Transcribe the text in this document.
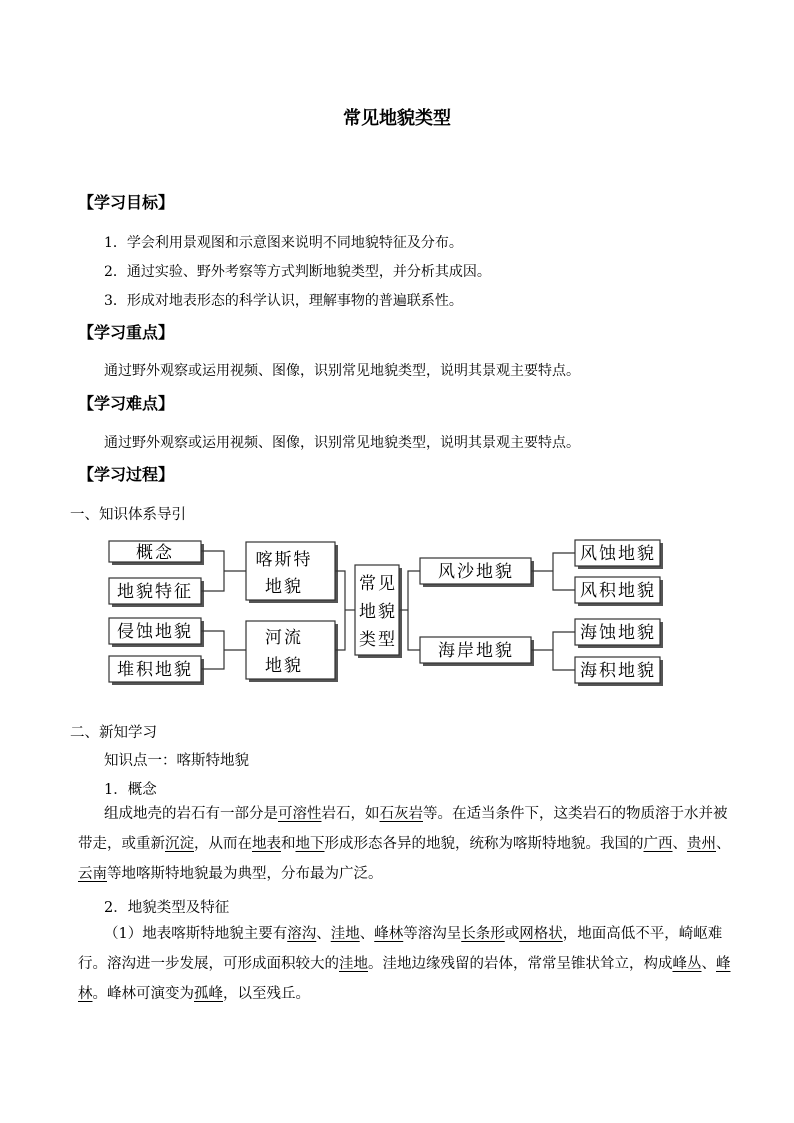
常见地貌类型
【学习目标】
1．学会利用景观图和示意图来说明不同地貌特征及分布。
2．通过实验、野外考察等方式判断地貌类型，并分析其成因。
3．形成对地表形态的科学认识，理解事物的普遍联系性。
【学习重点】
通过野外观察或运用视频、图像，识别常见地貌类型，说明其景观主要特点。
【学习难点】
通过野外观察或运用视频、图像，识别常见地貌类型，说明其景观主要特点。
【学习过程】
一、知识体系导引
概念
地貌特征
侵蚀地貌
堆积地貌
喀斯特
地貌
河流
地貌
常见
地貌
类型
风沙地貌
海岸地貌
风蚀地貌
风积地貌
海蚀地貌
海积地貌
二、新知学习
知识点一：喀斯特地貌
1．概念
组成地壳的岩石有一部分是可溶性岩石，如石灰岩等。在适当条件下，这类岩石的物质溶于水并被带走，或重新沉淀，从而在地表和地下形成形态各异的地貌，统称为喀斯特地貌。我国的广西、贵州、云南等地喀斯特地貌最为典型，分布最为广泛。
2．地貌类型及特征
（1）地表喀斯特地貌主要有溶沟、洼地、峰林等溶沟呈长条形或网格状，地面高低不平，崎岖难行。溶沟进一步发展，可形成面积较大的洼地。洼地边缘残留的岩体，常常呈锥状耸立，构成峰丛、峰林。峰林可演变为孤峰，以至残丘。
